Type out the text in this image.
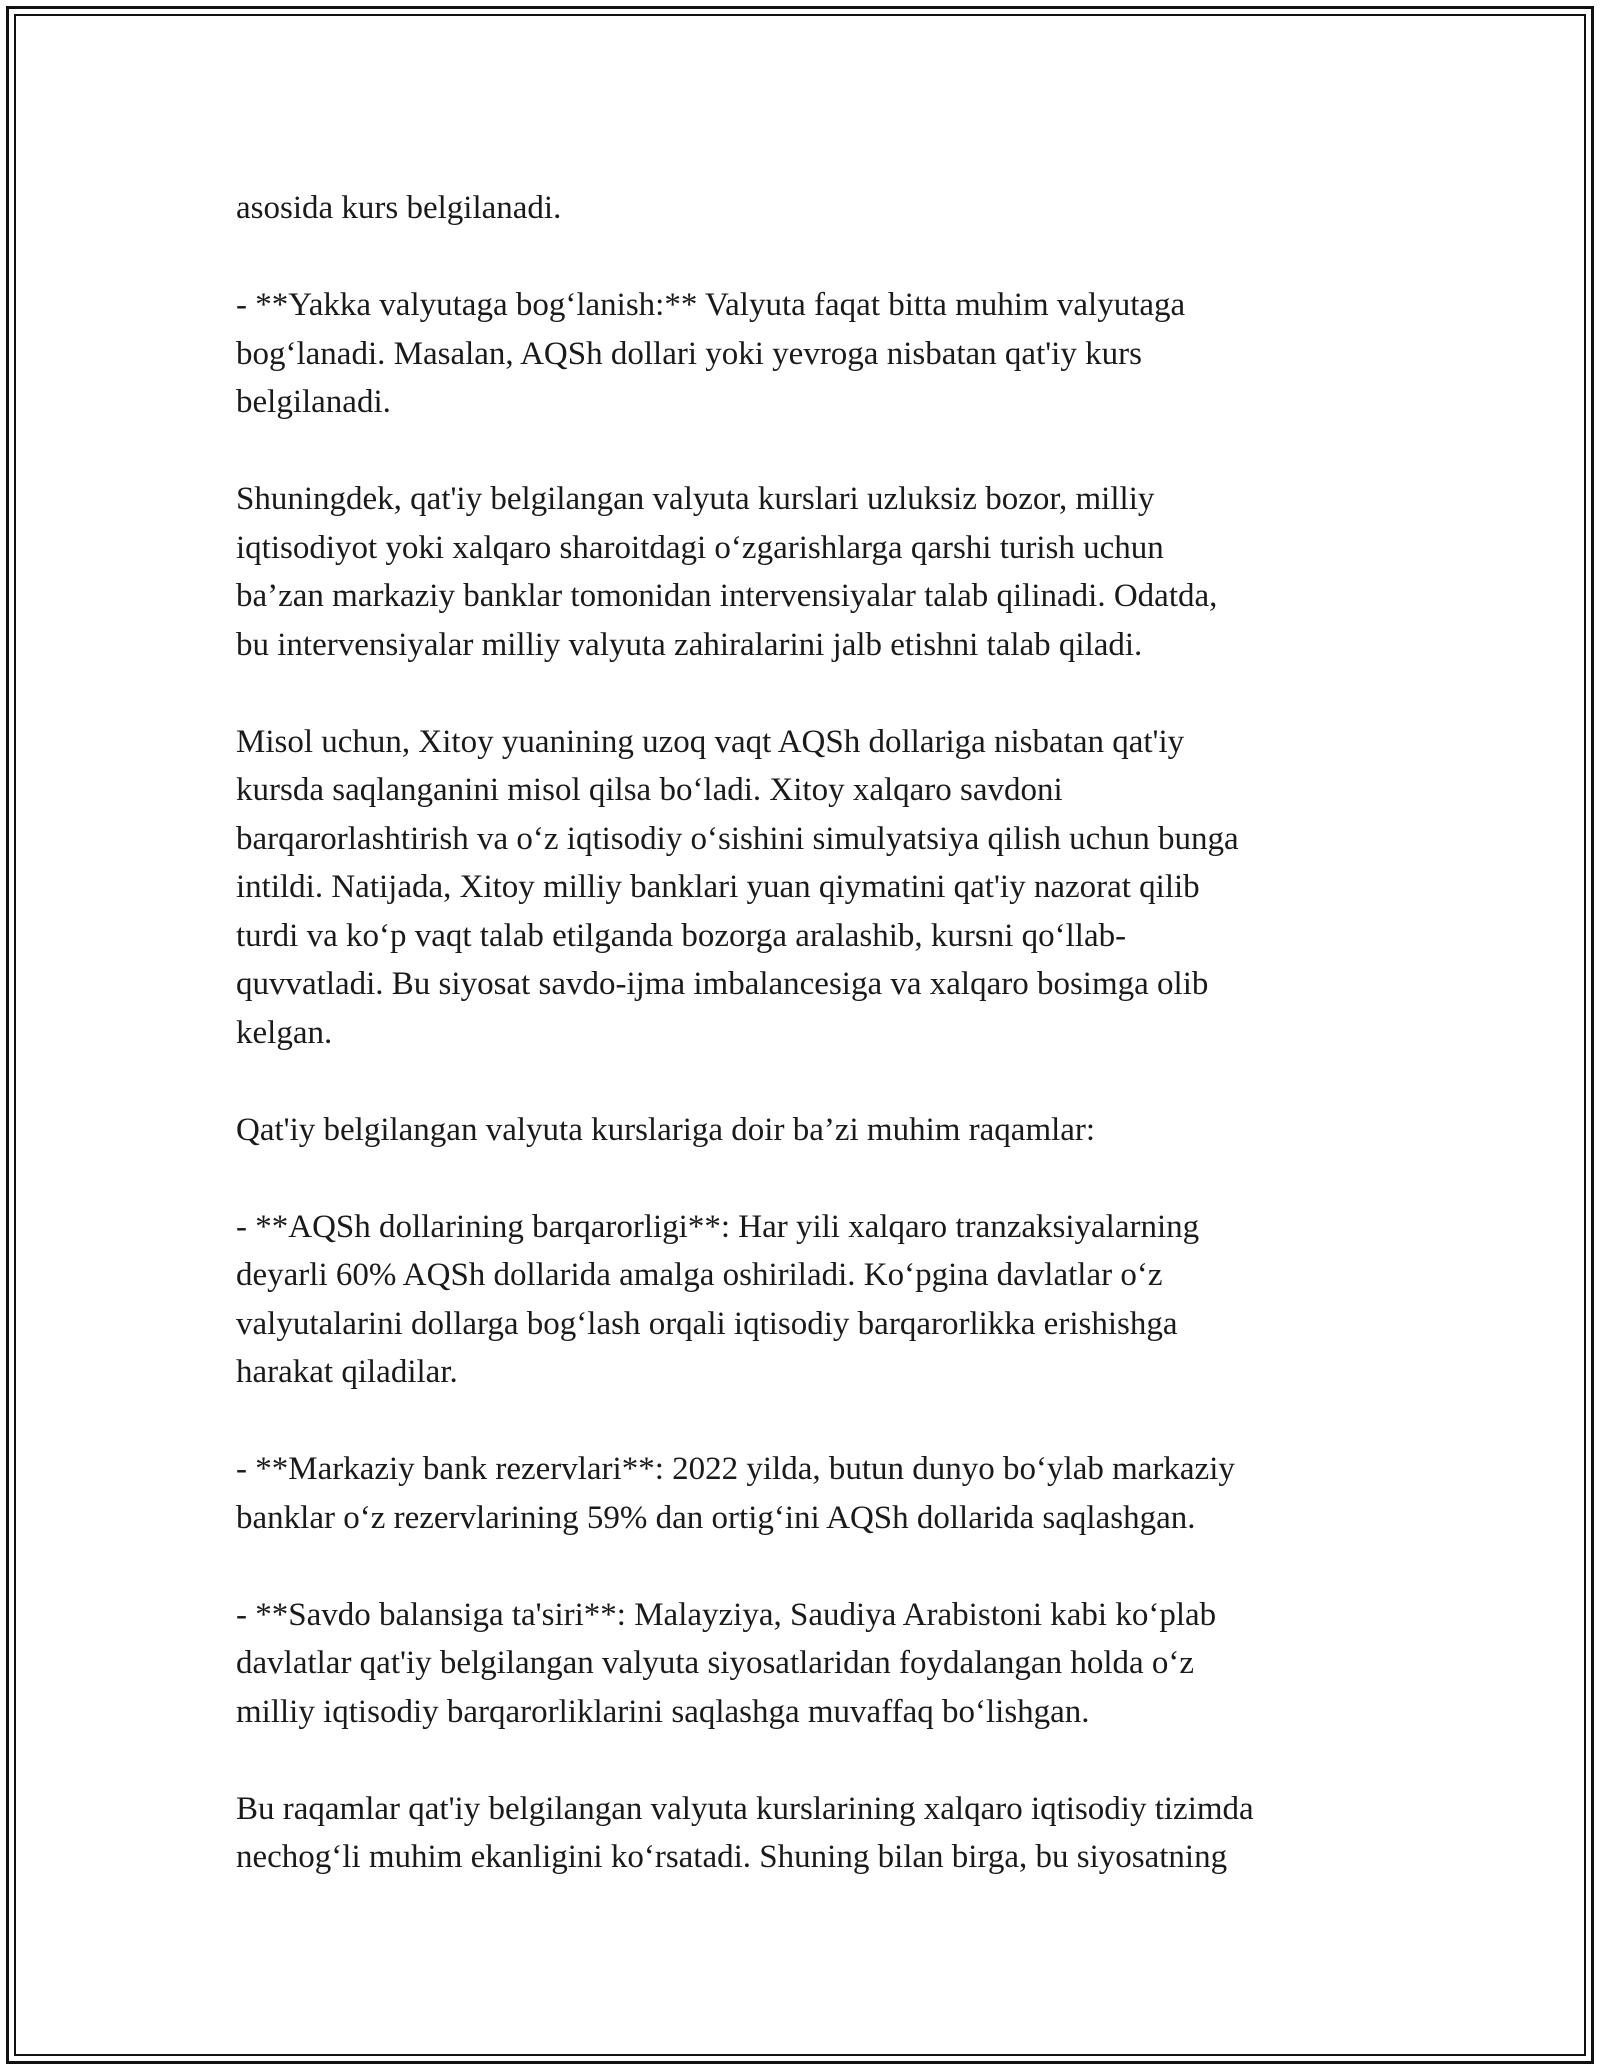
asosida kurs belgilanadi.

- **Yakka valyutaga bog‘lanish:** Valyuta faqat bitta muhim valyutaga
bog‘lanadi. Masalan, AQSh dollari yoki yevroga nisbatan qat'iy kurs
belgilanadi.

Shuningdek, qat'iy belgilangan valyuta kurslari uzluksiz bozor, milliy
iqtisodiyot yoki xalqaro sharoitdagi o‘zgarishlarga qarshi turish uchun
ba’zan markaziy banklar tomonidan intervensiyalar talab qilinadi. Odatda,
bu intervensiyalar milliy valyuta zahiralarini jalb etishni talab qiladi.

Misol uchun, Xitoy yuanining uzoq vaqt AQSh dollariga nisbatan qat'iy
kursda saqlanganini misol qilsa bo‘ladi. Xitoy xalqaro savdoni
barqarorlashtirish va o‘z iqtisodiy o‘sishini simulyatsiya qilish uchun bunga
intildi. Natijada, Xitoy milliy banklari yuan qiymatini qat'iy nazorat qilib
turdi va ko‘p vaqt talab etilganda bozorga aralashib, kursni qo‘llab-
quvvatladi. Bu siyosat savdo-ijma imbalancesiga va xalqaro bosimga olib
kelgan.

Qat'iy belgilangan valyuta kurslariga doir ba’zi muhim raqamlar:

- **AQSh dollarining barqarorligi**: Har yili xalqaro tranzaksiyalarning
deyarli 60% AQSh dollarida amalga oshiriladi. Ko‘pgina davlatlar o‘z
valyutalarini dollarga bog‘lash orqali iqtisodiy barqarorlikka erishishga
harakat qiladilar.

- **Markaziy bank rezervlari**: 2022 yilda, butun dunyo bo‘ylab markaziy
banklar o‘z rezervlarining 59% dan ortig‘ini AQSh dollarida saqlashgan.

- **Savdo balansiga ta'siri**: Malayziya, Saudiya Arabistoni kabi ko‘plab
davlatlar qat'iy belgilangan valyuta siyosatlaridan foydalangan holda o‘z
milliy iqtisodiy barqarorliklarini saqlashga muvaffaq bo‘lishgan.

Bu raqamlar qat'iy belgilangan valyuta kurslarining xalqaro iqtisodiy tizimda
nechog‘li muhim ekanligini ko‘rsatadi. Shuning bilan birga, bu siyosatning
